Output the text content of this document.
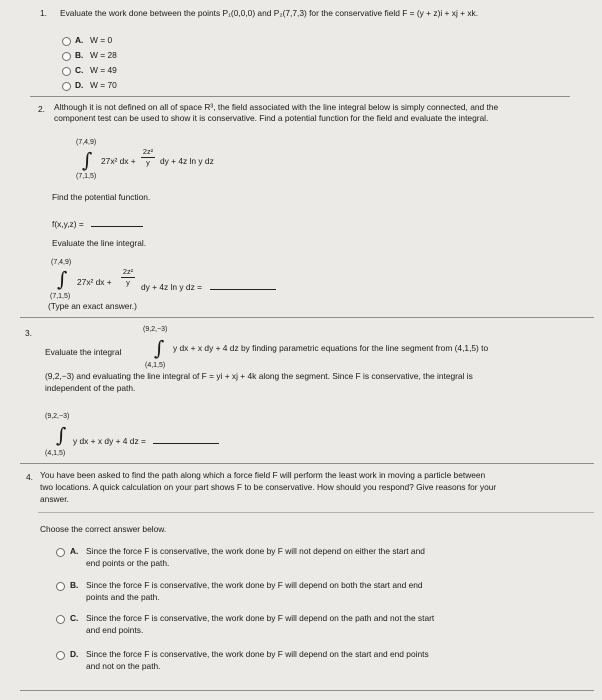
1. Evaluate the work done between the points P₁(0,0,0) and P₂(7,7,3) for the conservative field F = (y + z)i + xj + xk.
A. W = 0
B. W = 28
C. W = 49
D. W = 70
2. Although it is not defined on all of space R³, the field associated with the line integral below is simply connected, and the
component test can be used to show it is conservative. Find a potential function for the field and evaluate the integral.
(7,4,9)
∫
(7,1,5)
27x² dx +
2z²
y	dy + 4z ln y dz
Find the potential function.
f(x,y,z) =
Evaluate the line integral.
(7,4,9)
∫
(7,1,5)
27x² dx +
2z²
y	dy + 4z ln y dz =
(Type an exact answer.)
3.	(9,2,−3)
Evaluate the integral ∫ y dx + x dy + 4 dz by finding parametric equations for the line segment from (4,1,5) to
(4,1,5)
(9,2,−3) and evaluating the line integral of F = yi + xj + 4k along the segment. Since F is conservative, the integral is
independent of the path.
(9,2,−3)
∫ y dx + x dy + 4 dz =
(4,1,5)
4. You have been asked to find the path along which a force field F will perform the least work in moving a particle between
two locations. A quick calculation on your part shows F to be conservative. How should you respond? Give reasons for your
answer.
Choose the correct answer below.
A. Since the force F is conservative, the work done by F will not depend on either the start and
end points or the path.
B. Since the force F is conservative, the work done by F will depend on both the start and end
points and the path.
C. Since the force F is conservative, the work done by F will depend on the path and not the start
and end points.
D. Since the force F is conservative, the work done by F will depend on the start and end points
and not on the path.
